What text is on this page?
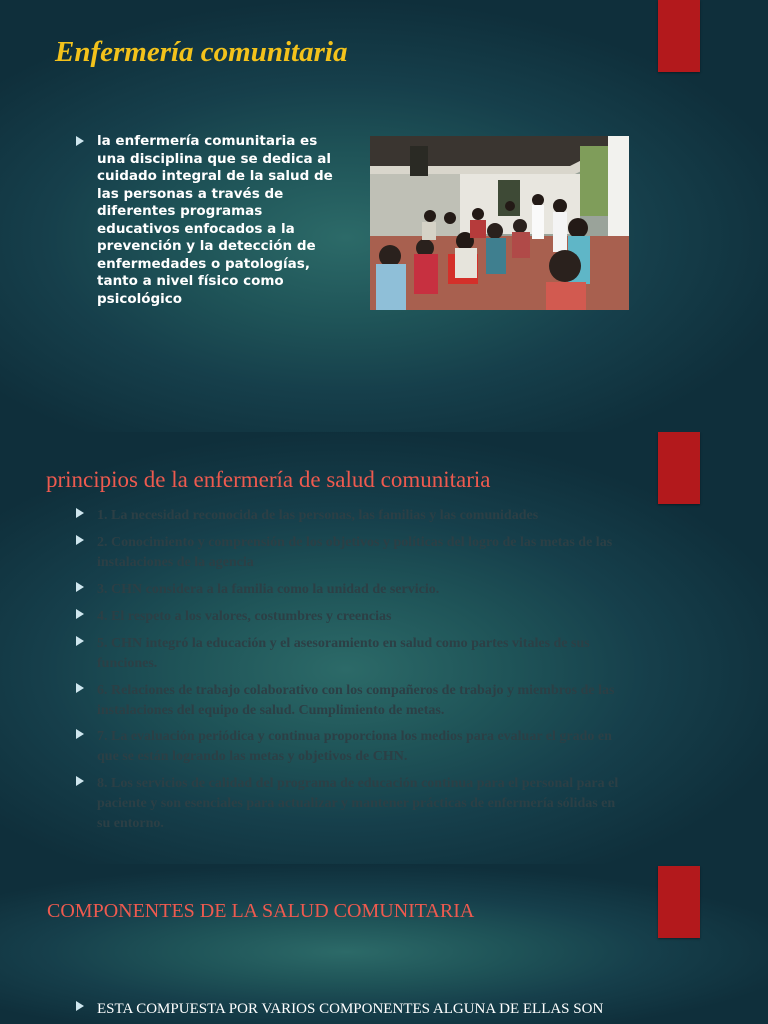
Enfermería comunitaria

la enfermería comunitaria es una disciplina que se dedica al cuidado integral de la salud de las personas a través de diferentes programas educativos enfocados a la prevención y la detección de enfermedades o patologías, tanto a nivel físico como psicológico

principios de la enfermería de salud comunitaria

1. La necesidad reconocida de las personas, las familias y las comunidades

2. Conocimiento y comprensión de los objetivos y políticas del logro de las metas de las instalaciones de la agencia

3. CHN considera a la familia como la unidad de servicio.

4. El respeto a los valores, costumbres y creencias

5. CHN integró la educación y el asesoramiento en salud como partes vitales de sus funciones.

6. Relaciones de trabajo colaborativo con los compañeros de trabajo y miembros de las instalaciones del equipo de salud. Cumplimiento de metas.

7. La evaluación periódica y continua proporciona los medios para evaluar el grado en que se están logrando las metas y objetivos de CHN.

8. Los servicios de calidad del programa de educación continua para el personal para el paciente y son esenciales para actualizar y mantener prácticas de enfermería sólidas en su entorno.

COMPONENTES DE LA SALUD COMUNITARIA

ESTA COMPUESTA POR VARIOS COMPONENTES ALGUNA DE ELLAS SON
